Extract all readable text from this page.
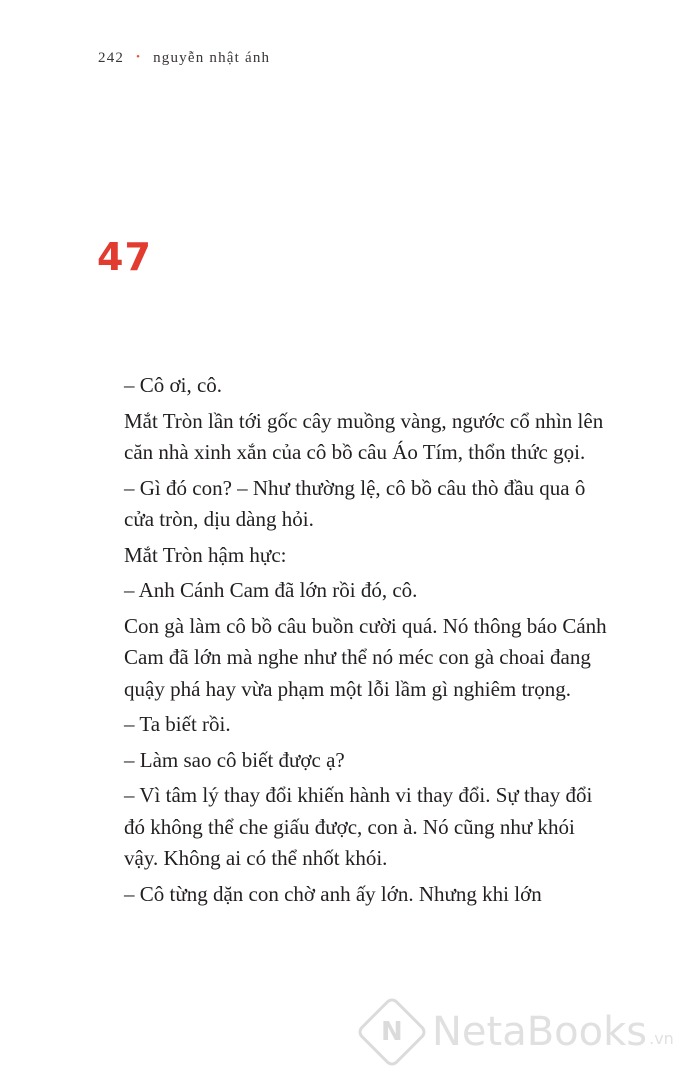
242 • nguyễn nhật ánh
47

– Cô ơi, cô.

Mắt Tròn lần tới gốc cây muồng vàng, ngước cổ nhìn lên căn nhà xinh xắn của cô bồ câu Áo Tím, thổn thức gọi.

– Gì đó con? – Như thường lệ, cô bồ câu thò đầu qua ô cửa tròn, dịu dàng hỏi.

Mắt Tròn hậm hực:

– Anh Cánh Cam đã lớn rồi đó, cô.

Con gà làm cô bồ câu buồn cười quá. Nó thông báo Cánh Cam đã lớn mà nghe như thể nó méc con gà choai đang quậy phá hay vừa phạm một lỗi lầm gì nghiêm trọng.

– Ta biết rồi.

– Làm sao cô biết được ạ?

– Vì tâm lý thay đổi khiến hành vi thay đổi. Sự thay đổi đó không thể che giấu được, con à. Nó cũng như khói vậy. Không ai có thể nhốt khói.

– Cô từng dặn con chờ anh ấy lớn. Nhưng khi lớn

N NetaBooks .vn
